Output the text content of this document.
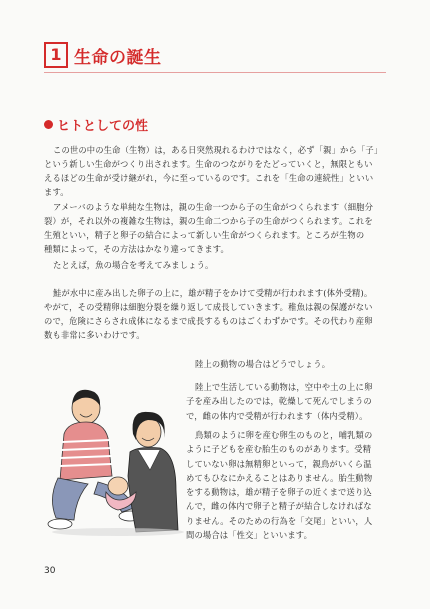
1 生命の誕生
ヒトとしての性
この世の中の生命（生物）は，ある日突然現れるわけではなく，必ず「親」から「子」
という新しい生命がつくり出されます。生命のつながりをたどっていくと，無限ともい
えるほどの生命が受け継がれ，今に至っているのです。これを「生命の連続性」といい
ます。
アメーバのような単純な生物は，親の生命一つから子の生命がつくられます（細胞分
裂）が，それ以外の複雑な生物は，親の生命二つから子の生命がつくられます。これを
生殖といい，精子と卵子の結合によって新しい生命がつくられます。ところが生物の
種類によって，その方法はかなり違ってきます。
たとえば，魚の場合を考えてみましょう。
鮭が水中に産み出した卵子の上に，雄が精子をかけて受精が行われます(体外受精)。
やがて，その受精卵は細胞分裂を繰り返して成長していきます。稚魚は親の保護がない
ので，危険にさらされ成体になるまで成長するものはごくわずかです。その代わり産卵
数も非常に多いわけです。
陸上の動物の場合はどうでしょう。
陸上で生活している動物は，空中や土の上に卵
子を産み出したのでは，乾燥して死んでしまうの
で，雌の体内で受精が行われます（体内受精）。
鳥類のように卵を産む卵生のものと，哺乳類の
ように子どもを産む胎生のものがあります。受精
していない卵は無精卵といって，親鳥がいくら温
めてもひなにかえることはありません。胎生動物
をする動物は，雄が精子を卵子の近くまで送り込
んで，雌の体内で卵子と精子が結合しなければな
りません。そのための行為を「交尾」といい，人
間の場合は「性交」といいます。
30
